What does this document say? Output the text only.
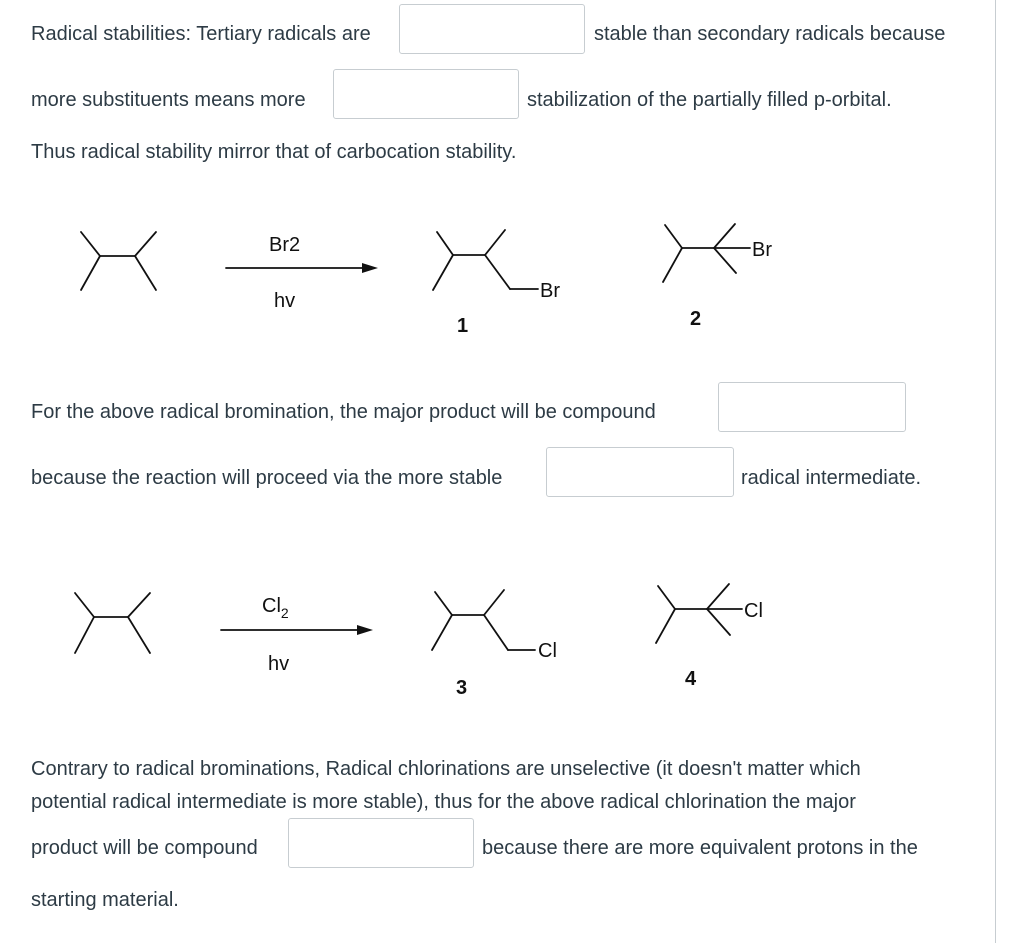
Radical stabilities: Tertiary radicals are	stable than secondary radicals because
more substituents means more	stabilization of the partially filled p-orbital.
Thus radical stability mirror that of carbocation stability.
Br2
hv	Br
1
Br
2
For the above radical bromination, the major product will be compound
because the reaction will proceed via the more stable	radical intermediate.
$Cl_2$
hv
Cl
3
Cl
4
Contrary to radical brominations, Radical chlorinations are unselective (it doesn't matter which
potential radical intermediate is more stable), thus for the above radical chlorination the major
product will be compound	because there are more equivalent protons in the
starting material.
